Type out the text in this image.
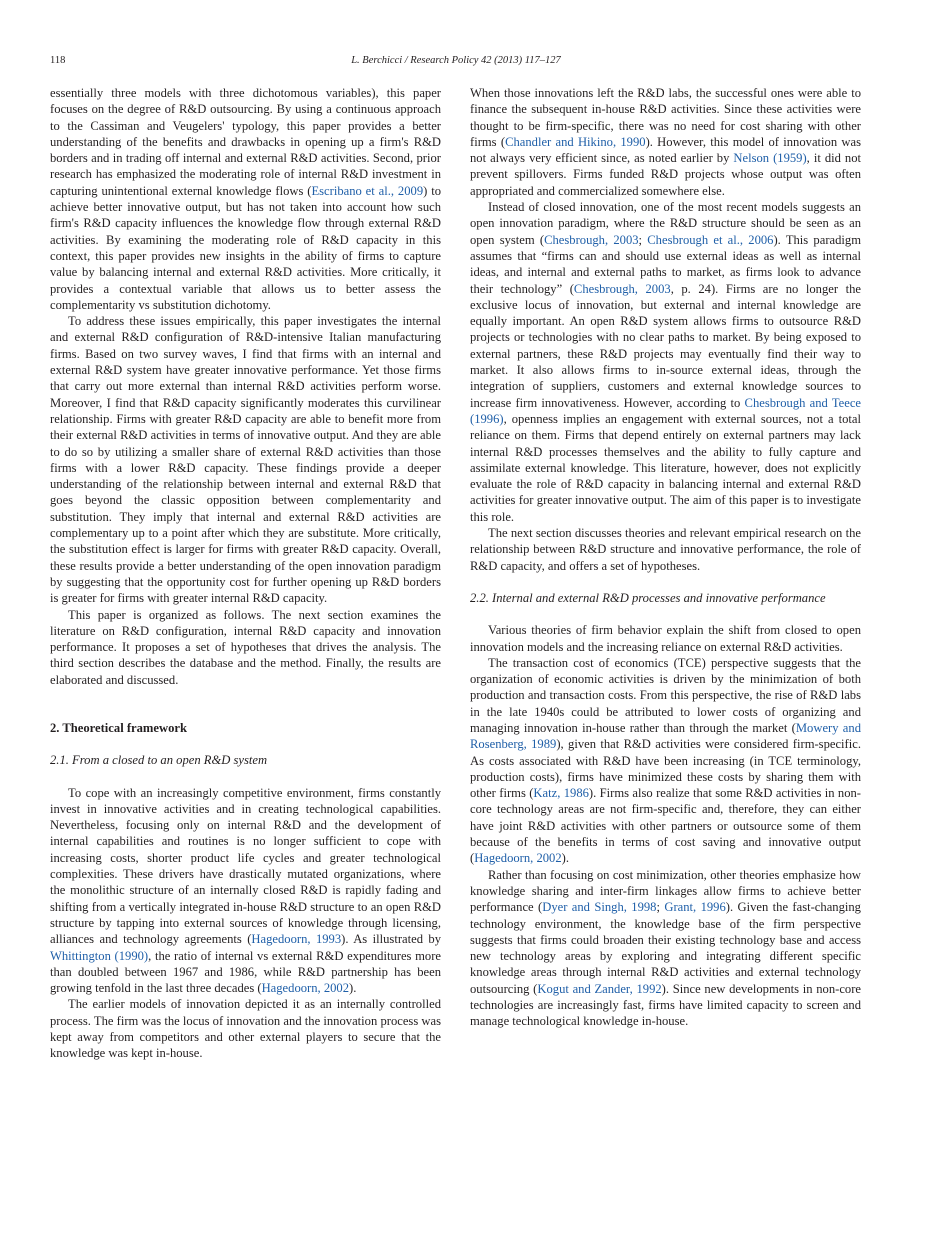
118	L. Berchicci / Research Policy 42 (2013) 117–127

essentially three models with three dichotomous variables), this paper focuses on the degree of R&D outsourcing. By using a continuous approach to the Cassiman and Veugelers' typology, this paper provides a better understanding of the benefits and drawbacks in opening up a firm's R&D borders and in trading off internal and external R&D activities. Second, prior research has emphasized the moderating role of internal R&D investment in capturing unintentional external knowledge flows (Escribano et al., 2009) to achieve better innovative output, but has not taken into account how such firm's R&D capacity influences the knowledge flow through external R&D activities. By examining the moderating role of R&D capacity in this context, this paper provides new insights in the ability of firms to capture value by balancing internal and external R&D activities. More critically, it provides a contextual variable that allows us to better assess the complementarity vs substitution dichotomy.

To address these issues empirically, this paper investigates the internal and external R&D configuration of R&D-intensive Italian manufacturing firms. Based on two survey waves, I find that firms with an internal and external R&D system have greater innovative performance. Yet those firms that carry out more external than internal R&D activities perform worse. Moreover, I find that R&D capacity significantly moderates this curvilinear relationship. Firms with greater R&D capacity are able to benefit more from their external R&D activities in terms of innovative output. And they are able to do so by utilizing a smaller share of external R&D activities than those firms with a lower R&D capacity. These findings provide a deeper understanding of the relationship between internal and external R&D that goes beyond the classic opposition between complementarity and substitution. They imply that internal and external R&D activities are complementary up to a point after which they are substitute. More critically, the substitution effect is larger for firms with greater R&D capacity. Overall, these results provide a better understanding of the open innovation paradigm by suggesting that the opportunity cost for further opening up R&D borders is greater for firms with greater internal R&D capacity.

This paper is organized as follows. The next section examines the literature on R&D configuration, internal R&D capacity and innovation performance. It proposes a set of hypotheses that drives the analysis. The third section describes the database and the method. Finally, the results are elaborated and discussed.

2. Theoretical framework
2.1. From a closed to an open R&D system

To cope with an increasingly competitive environment, firms constantly invest in innovative activities and in creating technological capabilities. Nevertheless, focusing only on internal R&D and the development of internal capabilities and routines is no longer sufficient to cope with increasing costs, shorter product life cycles and greater technological complexities. These drivers have drastically mutated organizations, where the monolithic structure of an internally closed R&D is rapidly fading and shifting from a vertically integrated in-house R&D structure to an open R&D structure by tapping into external sources of knowledge through licensing, alliances and technology agreements (Hagedoorn, 1993). As illustrated by Whittington (1990), the ratio of internal vs external R&D expenditures more than doubled between 1967 and 1986, while R&D partnership has been growing tenfold in the last three decades (Hagedoorn, 2002).

The earlier models of innovation depicted it as an internally controlled process. The firm was the locus of innovation and the innovation process was kept away from competitors and other external players to secure that the knowledge was kept in-house.

When those innovations left the R&D labs, the successful ones were able to finance the subsequent in-house R&D activities. Since these activities were thought to be firm-specific, there was no need for cost sharing with other firms (Chandler and Hikino, 1990). However, this model of innovation was not always very efficient since, as noted earlier by Nelson (1959), it did not prevent spillovers. Firms funded R&D projects whose output was often appropriated and commercialized somewhere else.

Instead of closed innovation, one of the most recent models suggests an open innovation paradigm, where the R&D structure should be seen as an open system (Chesbrough, 2003; Chesbrough et al., 2006). This paradigm assumes that “firms can and should use external ideas as well as internal ideas, and internal and external paths to market, as firms look to advance their technology” (Chesbrough, 2003, p. 24). Firms are no longer the exclusive locus of innovation, but external and internal knowledge are equally important. An open R&D system allows firms to outsource R&D projects or technologies with no clear paths to market. By being exposed to external partners, these R&D projects may eventually find their way to market. It also allows firms to in-source external ideas, through the integration of suppliers, customers and external knowledge sources to increase firm innovativeness. However, according to Chesbrough and Teece (1996), openness implies an engagement with external sources, not a total reliance on them. Firms that depend entirely on external partners may lack internal R&D processes themselves and the ability to fully capture and assimilate external knowledge. This literature, however, does not explicitly evaluate the role of R&D capacity in balancing internal and external R&D activities for greater innovative output. The aim of this paper is to investigate this role.

The next section discusses theories and relevant empirical research on the relationship between R&D structure and innovative performance, the role of R&D capacity, and offers a set of hypotheses.

2.2. Internal and external R&D processes and innovative performance

Various theories of firm behavior explain the shift from closed to open innovation models and the increasing reliance on external R&D activities.

The transaction cost of economics (TCE) perspective suggests that the organization of economic activities is driven by the minimization of both production and transaction costs. From this perspective, the rise of R&D labs in the late 1940s could be attributed to lower costs of organizing and managing innovation in-house rather than through the market (Mowery and Rosenberg, 1989), given that R&D activities were considered firm-specific. As costs associated with R&D have been increasing (in TCE terminology, production costs), firms have minimized these costs by sharing them with other firms (Katz, 1986). Firms also realize that some R&D activities in non-core technology areas are not firm-specific and, therefore, they can either have joint R&D activities with other partners or outsource some of them because of the benefits in terms of cost saving and innovative output (Hagedoorn, 2002).

Rather than focusing on cost minimization, other theories emphasize how knowledge sharing and inter-firm linkages allow firms to achieve better performance (Dyer and Singh, 1998; Grant, 1996). Given the fast-changing technology environment, the knowledge base of the firm perspective suggests that firms could broaden their existing technology base and access new technology areas by exploring and integrating different specific knowledge areas through internal R&D activities and external technology outsourcing (Kogut and Zander, 1992). Since new developments in non-core technologies are increasingly fast, firms have limited capacity to screen and manage technological knowledge in-house.
